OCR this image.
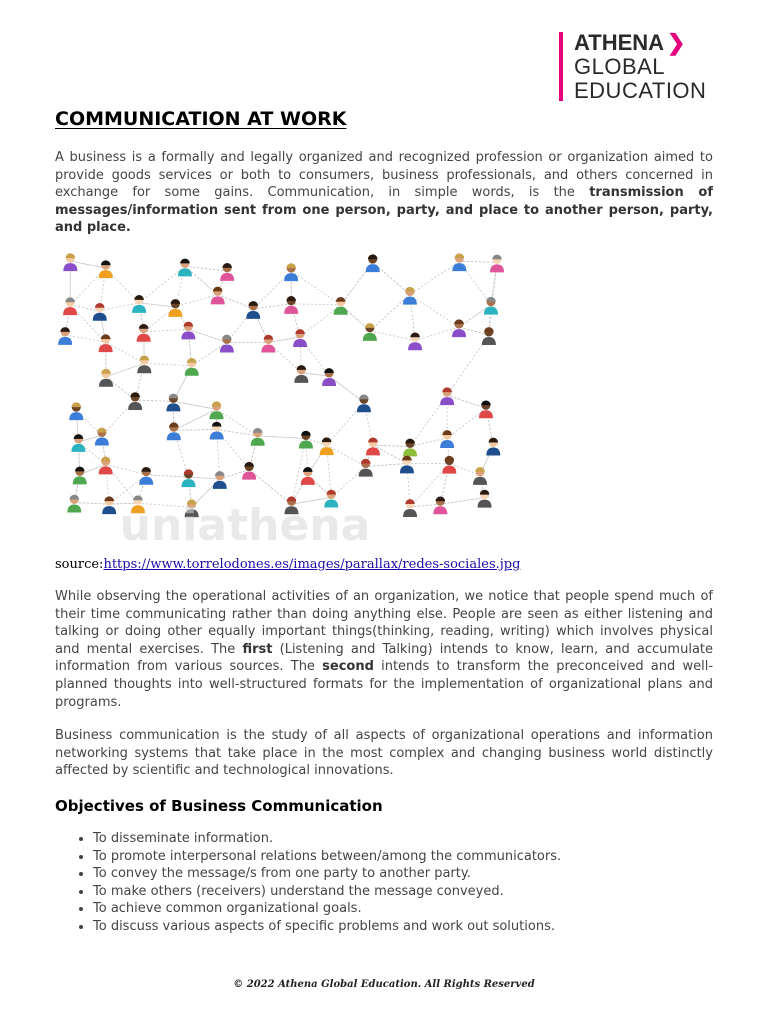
ATHENA ❯
GLOBAL
EDUCATION
COMMUNICATION AT WORK

A business is a formally and legally organized and recognized profession or organization aimed to provide goods services or both to consumers, business professionals, and others concerned in exchange for some gains. Communication, in simple words, is the transmission of messages/information sent from one person, party, and place to another person, party, and place.

uniathena

source:https://www.torrelodones.es/images/parallax/redes-sociales.jpg

While observing the operational activities of an organization, we notice that people spend much of their time communicating rather than doing anything else. People are seen as either listening and talking or doing other equally important things(thinking, reading, writing) which involves physical and mental exercises. The first (Listening and Talking) intends to know, learn, and accumulate information from various sources. The second intends to transform the preconceived and well-planned thoughts into well-structured formats for the implementation of organizational plans and programs.

Business communication is the study of all aspects of organizational operations and information networking systems that take place in the most complex and changing business world distinctly affected by scientific and technological innovations.

Objectives of Business Communication
• To disseminate information.
• To promote interpersonal relations between/among the communicators.
• To convey the message/s from one party to another party.
• To make others (receivers) understand the message conveyed.
• To achieve common organizational goals.
• To discuss various aspects of specific problems and work out solutions.

© 2022 Athena Global Education. All Rights Reserved
